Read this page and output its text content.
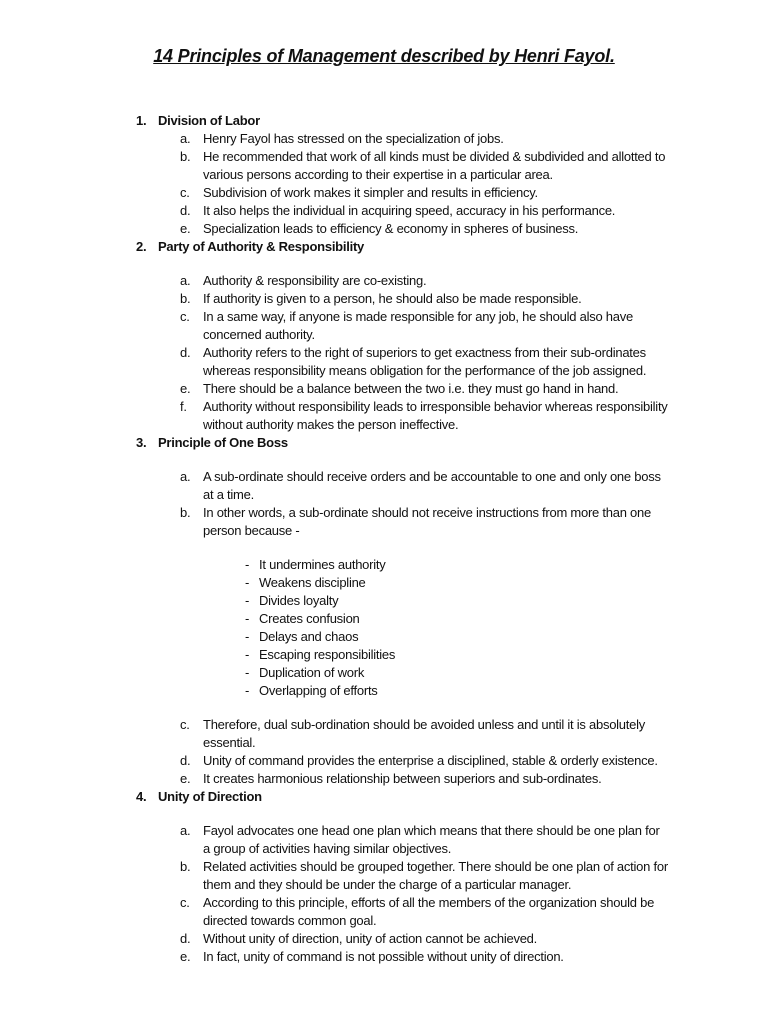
14 Principles of Management described by Henri Fayol.
1. Division of Labor
a. Henry Fayol has stressed on the specialization of jobs.
b. He recommended that work of all kinds must be divided & subdivided and allotted to various persons according to their expertise in a particular area.
c. Subdivision of work makes it simpler and results in efficiency.
d. It also helps the individual in acquiring speed, accuracy in his performance.
e. Specialization leads to efficiency & economy in spheres of business.
2. Party of Authority & Responsibility
a. Authority & responsibility are co-existing.
b. If authority is given to a person, he should also be made responsible.
c. In a same way, if anyone is made responsible for any job, he should also have concerned authority.
d. Authority refers to the right of superiors to get exactness from their sub-ordinates whereas responsibility means obligation for the performance of the job assigned.
e. There should be a balance between the two i.e. they must go hand in hand.
f. Authority without responsibility leads to irresponsible behavior whereas responsibility without authority makes the person ineffective.
3. Principle of One Boss
a. A sub-ordinate should receive orders and be accountable to one and only one boss at a time.
b. In other words, a sub-ordinate should not receive instructions from more than one person because -
- It undermines authority
- Weakens discipline
- Divides loyalty
- Creates confusion
- Delays and chaos
- Escaping responsibilities
- Duplication of work
- Overlapping of efforts
c. Therefore, dual sub-ordination should be avoided unless and until it is absolutely essential.
d. Unity of command provides the enterprise a disciplined, stable & orderly existence.
e. It creates harmonious relationship between superiors and sub-ordinates.
4. Unity of Direction
a. Fayol advocates one head one plan which means that there should be one plan for a group of activities having similar objectives.
b. Related activities should be grouped together. There should be one plan of action for them and they should be under the charge of a particular manager.
c. According to this principle, efforts of all the members of the organization should be directed towards common goal.
d. Without unity of direction, unity of action cannot be achieved.
e. In fact, unity of command is not possible without unity of direction.
